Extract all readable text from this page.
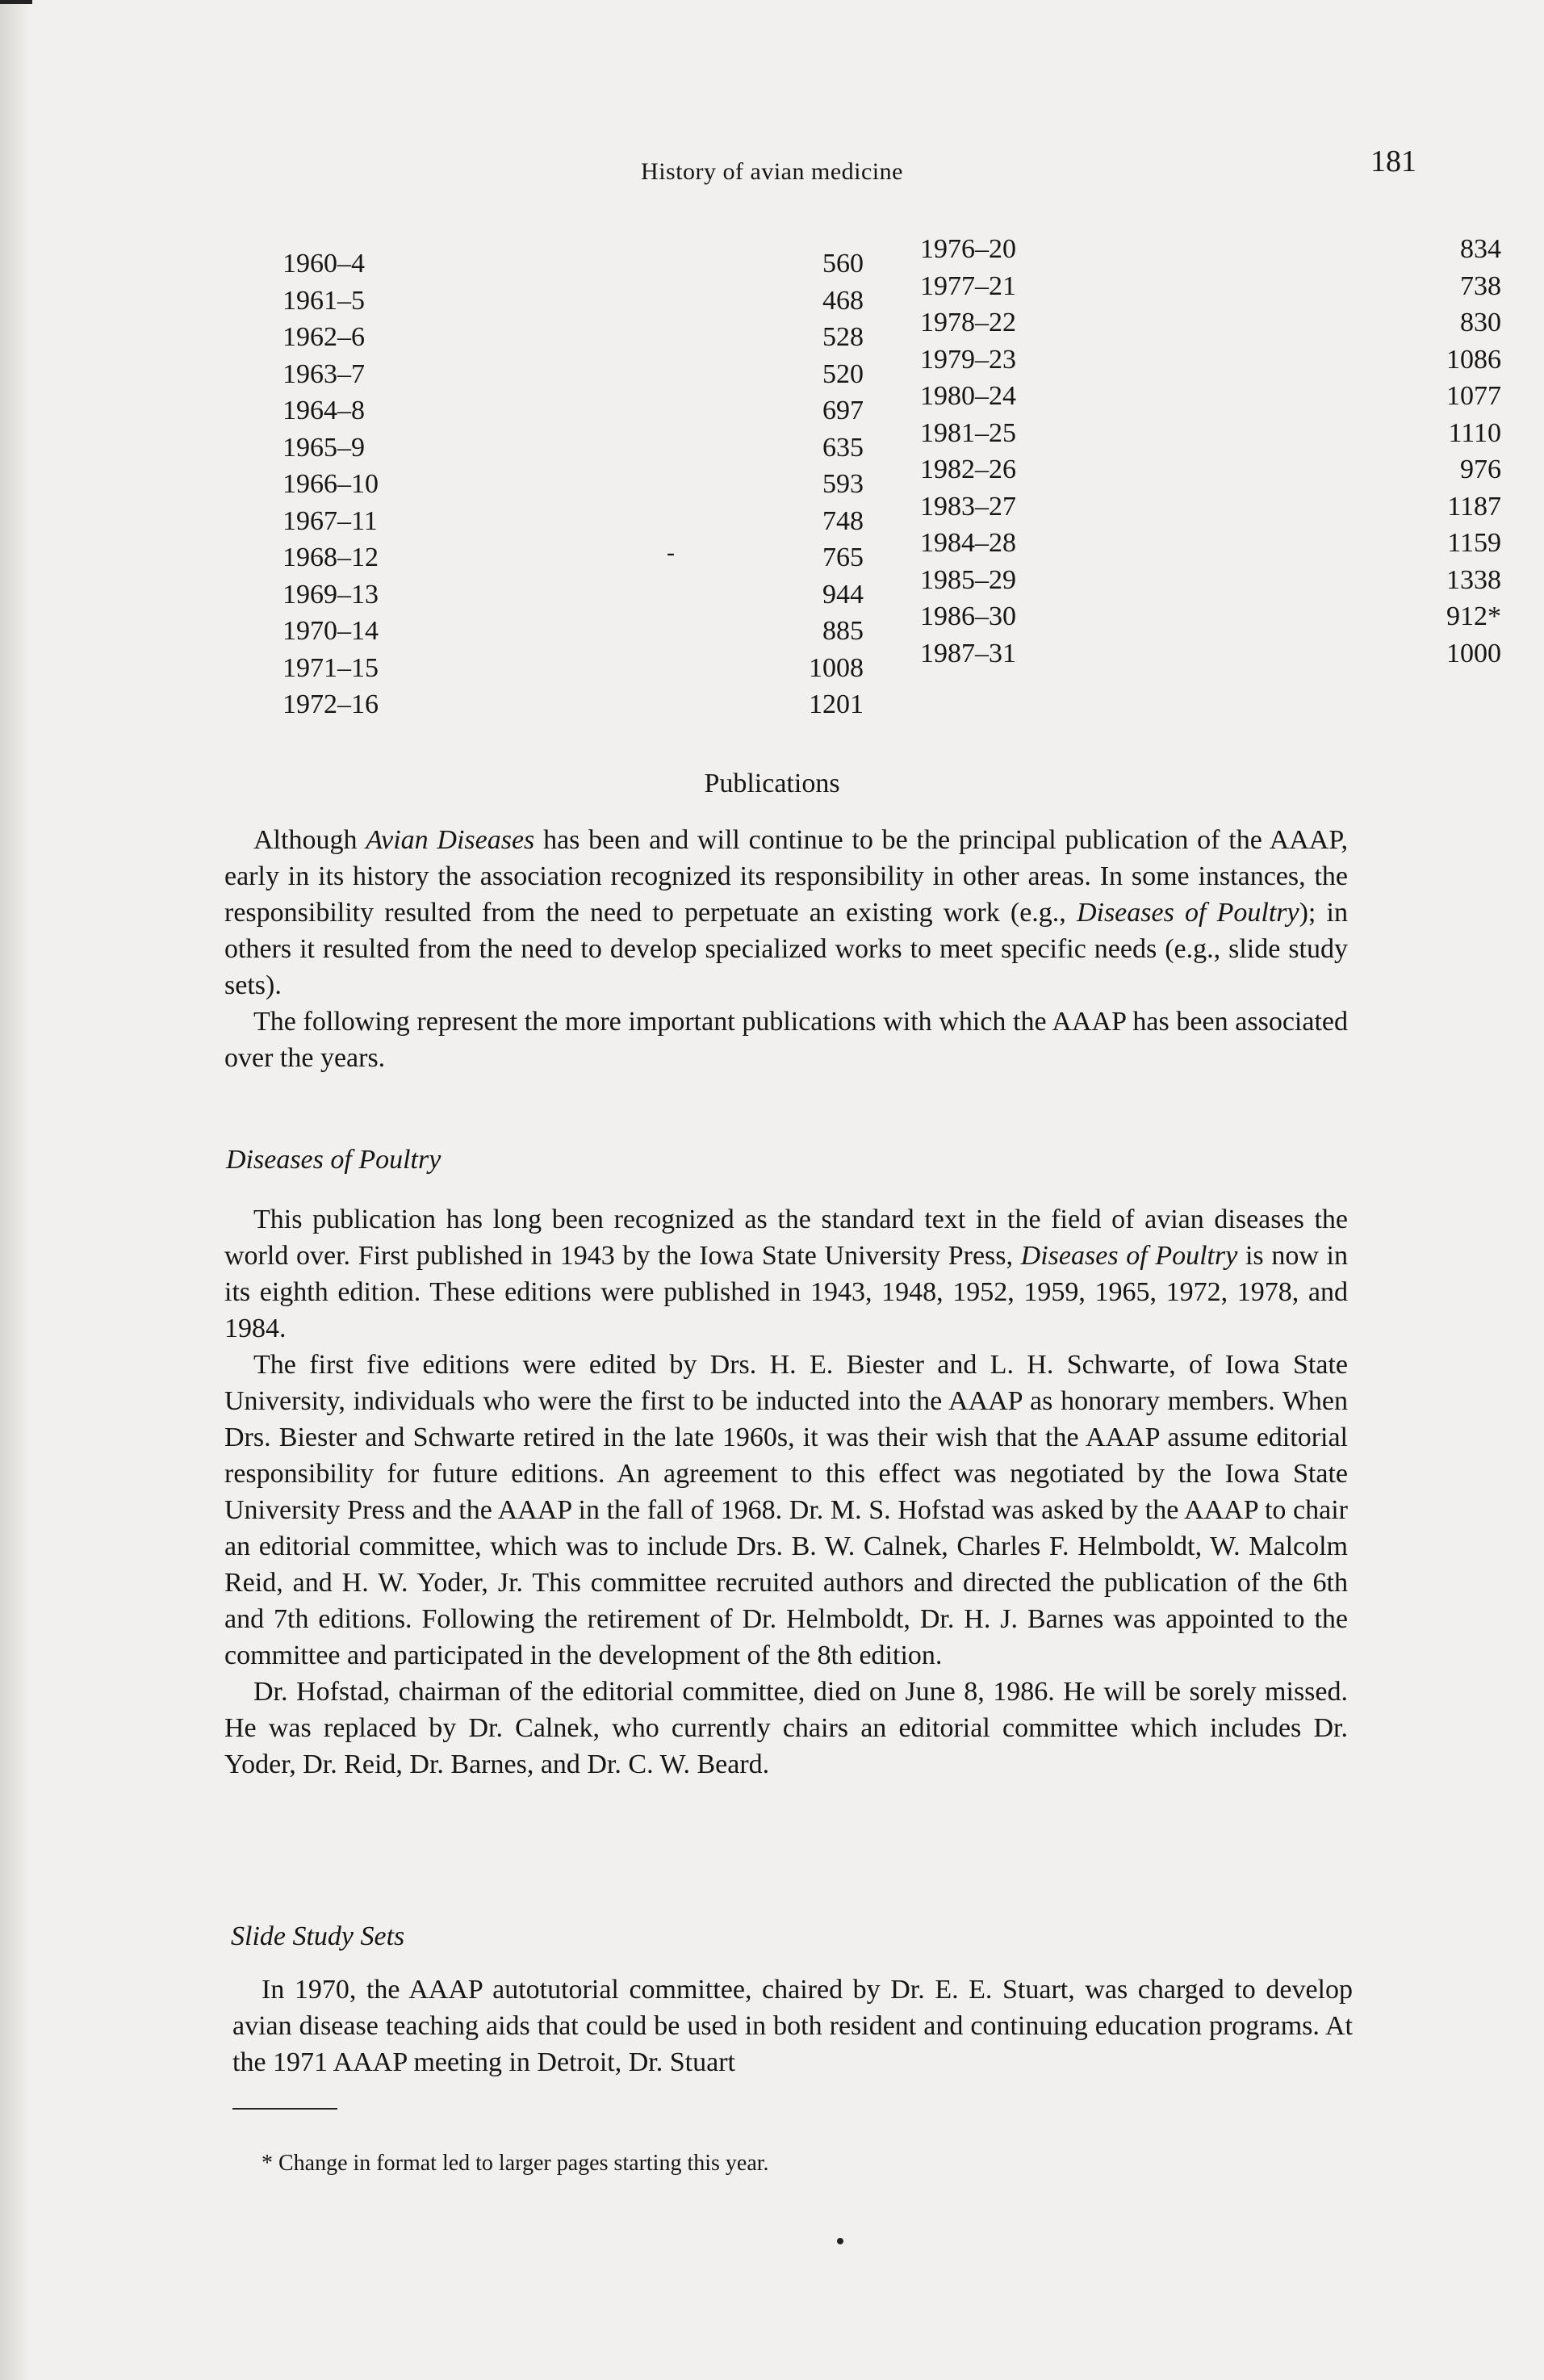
History of avian medicine	181
1960–4	560
1961–5	468
1962–6	528
1963–7	520
1964–8	697
1965–9	635
1966–10	593
1967–11	748
1968–12	765
1969–13	944
1970–14	885
1971–15	1008
1972–16	1201
1976–20	834
1977–21	738
1978–22	830
1979–23	1086
1980–24	1077
1981–25	1110
1982–26	976
1983–27	1187
1984–28	1159
1985–29	1338
1986–30	912*
1987–31	1000
-
Publications

Although Avian Diseases has been and will continue to be the principal publication of the AAAP, early in its history the association recognized its responsibility in other areas. In some instances, the responsibility resulted from the need to perpetuate an existing work (e.g., Diseases of Poultry); in others it resulted from the need to develop specialized works to meet specific needs (e.g., slide study sets).

The following represent the more important publications with which the AAAP has been associated over the years.

Diseases of Poultry

This publication has long been recognized as the standard text in the field of avian diseases the world over. First published in 1943 by the Iowa State University Press, Diseases of Poultry is now in its eighth edition. These editions were published in 1943, 1948, 1952, 1959, 1965, 1972, 1978, and 1984.

The first five editions were edited by Drs. H. E. Biester and L. H. Schwarte, of Iowa State University, individuals who were the first to be inducted into the AAAP as honorary members. When Drs. Biester and Schwarte retired in the late 1960s, it was their wish that the AAAP assume editorial responsibility for future editions. An agreement to this effect was negotiated by the Iowa State University Press and the AAAP in the fall of 1968. Dr. M. S. Hofstad was asked by the AAAP to chair an editorial committee, which was to include Drs. B. W. Calnek, Charles F. Helmboldt, W. Malcolm Reid, and H. W. Yoder, Jr. This committee recruited authors and directed the publication of the 6th and 7th editions. Following the retirement of Dr. Helmboldt, Dr. H. J. Barnes was appointed to the committee and participated in the development of the 8th edition.

Dr. Hofstad, chairman of the editorial committee, died on June 8, 1986. He will be sorely missed. He was replaced by Dr. Calnek, who currently chairs an editorial committee which includes Dr. Yoder, Dr. Reid, Dr. Barnes, and Dr. C. W. Beard.

Slide Study Sets

In 1970, the AAAP autotutorial committee, chaired by Dr. E. E. Stuart, was charged to develop avian disease teaching aids that could be used in both resident and continuing education programs. At the 1971 AAAP meeting in Detroit, Dr. Stuart

* Change in format led to larger pages starting this year.
